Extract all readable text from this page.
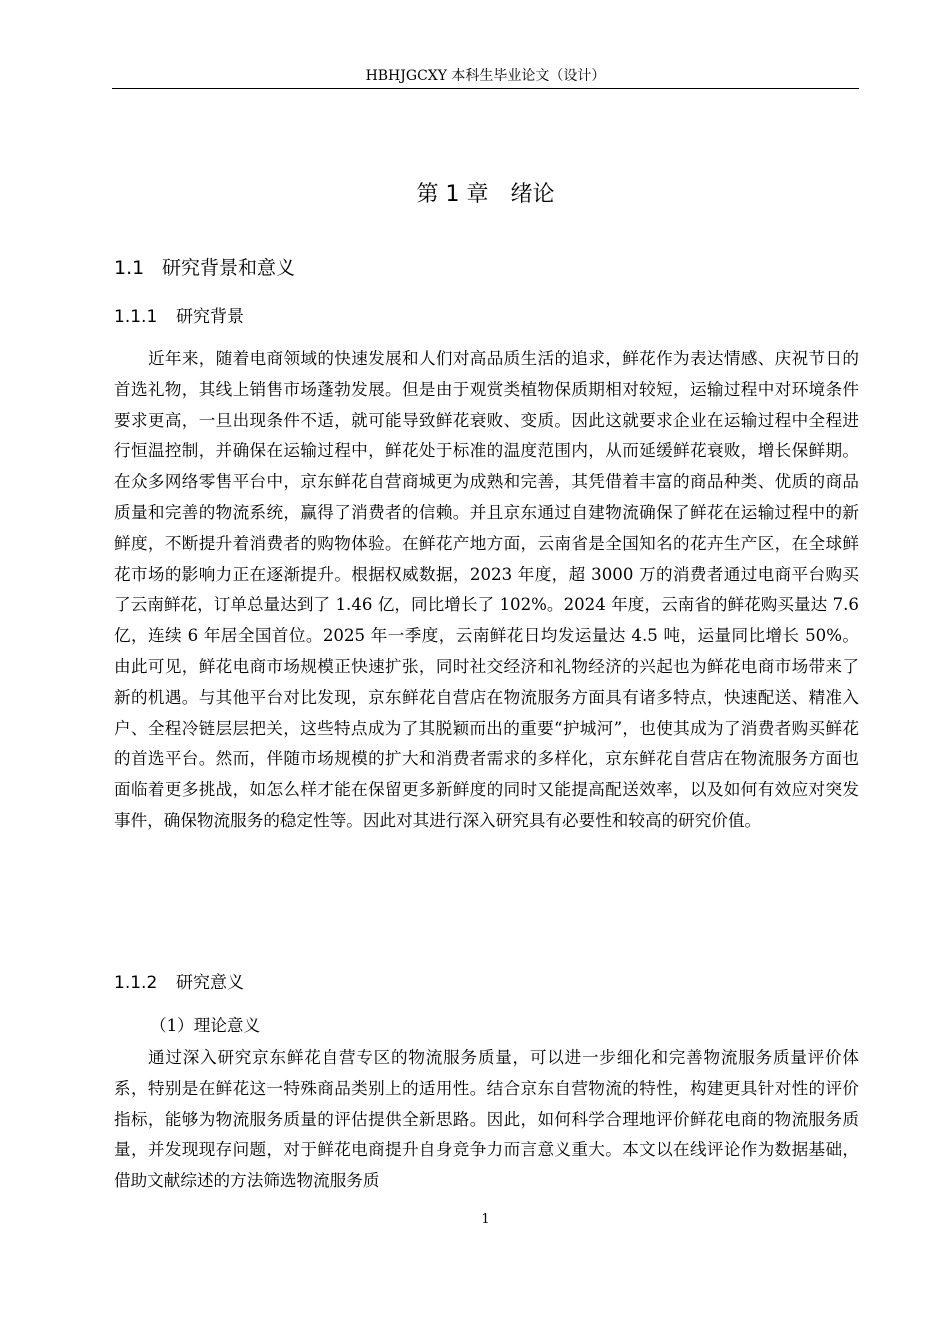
HBHJGCXY 本科生毕业论文（设计）
第 1 章　绪论
1.1 研究背景和意义
1.1.1 研究背景

近年来，随着电商领域的快速发展和人们对高品质生活的追求，鲜花作为表达情感、庆祝节日的首选礼物，其线上销售市场蓬勃发展。但是由于观赏类植物保质期相对较短，运输过程中对环境条件要求更高，一旦出现条件不适，就可能导致鲜花衰败、变质。因此这就要求企业在运输过程中全程进行恒温控制，并确保在运输过程中，鲜花处于标准的温度范围内，从而延缓鲜花衰败，增长保鲜期。在众多网络零售平台中，京东鲜花自营商城更为成熟和完善，其凭借着丰富的商品种类、优质的商品质量和完善的物流系统，赢得了消费者的信赖。并且京东通过自建物流确保了鲜花在运输过程中的新鲜度，不断提升着消费者的购物体验。在鲜花产地方面，云南省是全国知名的花卉生产区，在全球鲜花市场的影响力正在逐渐提升。根据权威数据，2023 年度，超 3000 万的消费者通过电商平台购买了云南鲜花，订单总量达到了 1.46 亿，同比增长了 102%。2024 年度，云南省的鲜花购买量达 7.6 亿，连续 6 年居全国首位。2025 年一季度，云南鲜花日均发运量达 4.5 吨，运量同比增长 50%。由此可见，鲜花电商市场规模正快速扩张，同时社交经济和礼物经济的兴起也为鲜花电商市场带来了新的机遇。与其他平台对比发现，京东鲜花自营店在物流服务方面具有诸多特点，快速配送、精准入户、全程冷链层层把关，这些特点成为了其脱颖而出的重要“护城河”，也使其成为了消费者购买鲜花的首选平台。然而，伴随市场规模的扩大和消费者需求的多样化，京东鲜花自营店在物流服务方面也面临着更多挑战，如怎么样才能在保留更多新鲜度的同时又能提高配送效率，以及如何有效应对突发事件，确保物流服务的稳定性等。因此对其进行深入研究具有必要性和较高的研究价值。

1.1.2 研究意义
（1）理论意义

通过深入研究京东鲜花自营专区的物流服务质量，可以进一步细化和完善物流服务质量评价体系，特别是在鲜花这一特殊商品类别上的适用性。结合京东自营物流的特性，构建更具针对性的评价指标，能够为物流服务质量的评估提供全新思路。因此，如何科学合理地评价鲜花电商的物流服务质量，并发现现存问题，对于鲜花电商提升自身竞争力而言意义重大。本文以在线评论作为数据基础，借助文献综述的方法筛选物流服务质

1
